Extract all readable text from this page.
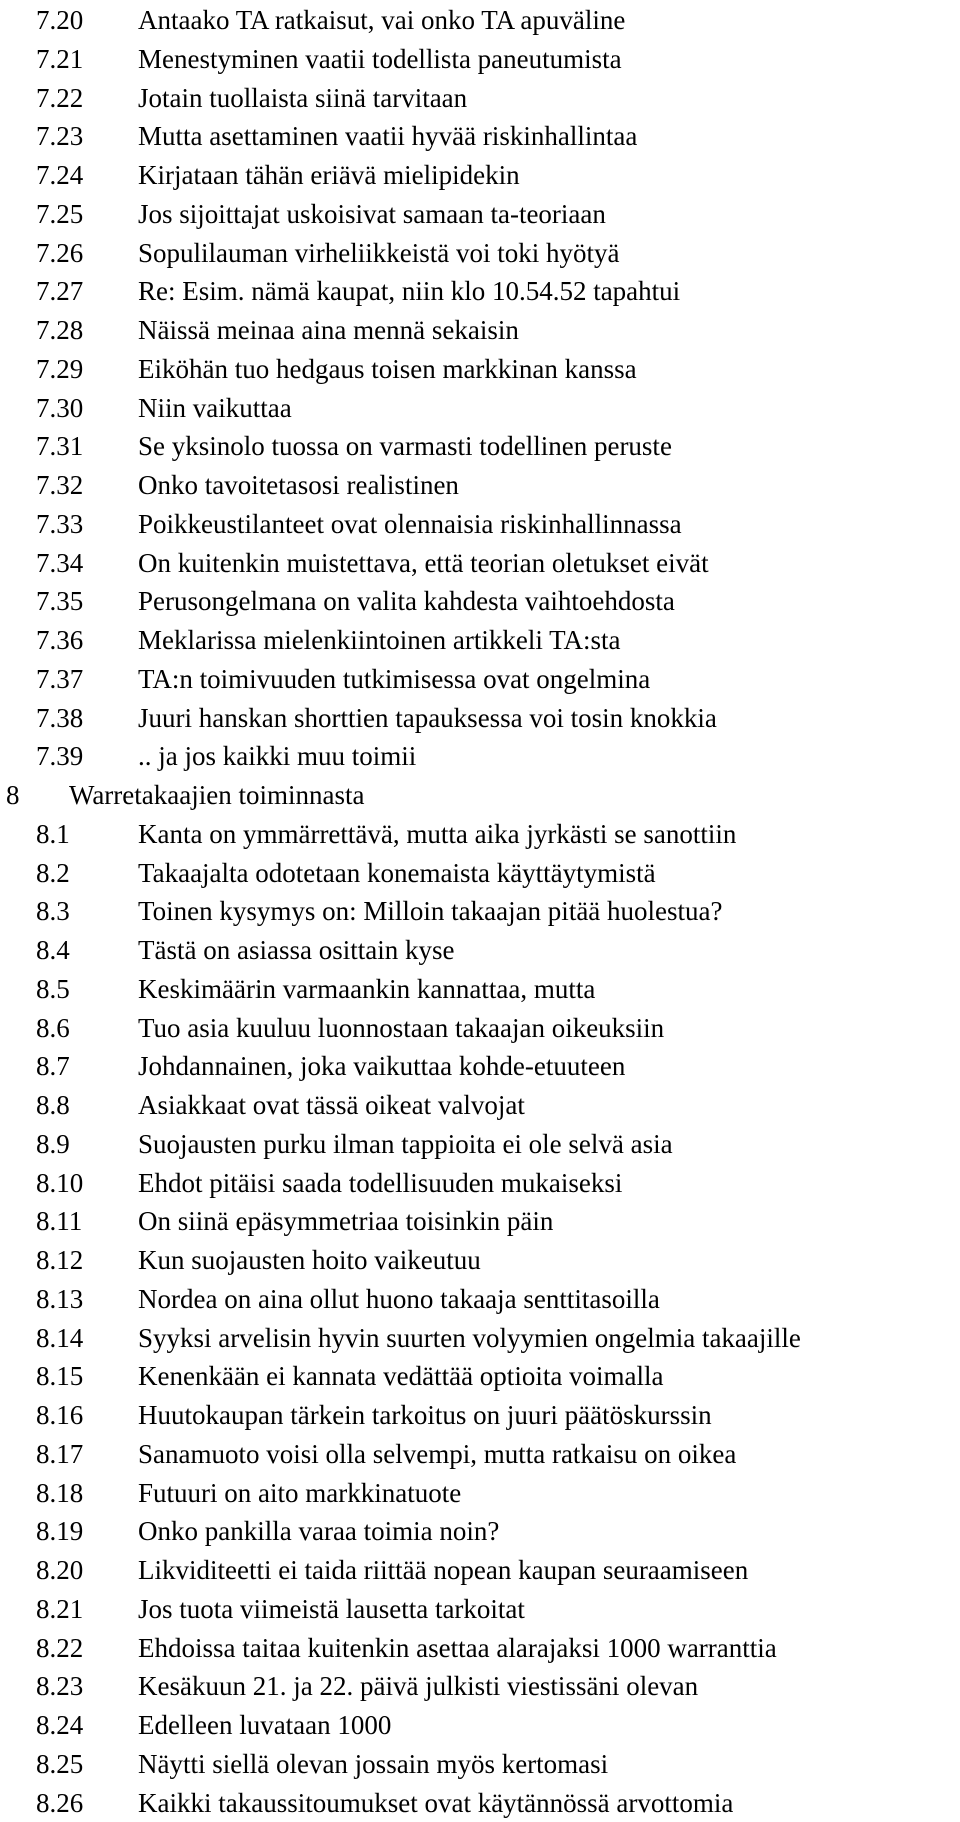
7.20 Antaako TA ratkaisut, vai onko TA apuväline
7.21 Menestyminen vaatii todellista paneutumista
7.22 Jotain tuollaista siinä tarvitaan
7.23 Mutta asettaminen vaatii hyvää riskinhallintaa
7.24 Kirjataan tähän eriävä mielipidekin
7.25 Jos sijoittajat uskoisivat samaan ta-teoriaan
7.26 Sopulilauman virheliikkeistä voi toki hyötyä
7.27 Re: Esim. nämä kaupat, niin klo 10.54.52 tapahtui
7.28 Näissä meinaa aina mennä sekaisin
7.29 Eiköhän tuo hedgaus toisen markkinan kanssa
7.30 Niin vaikuttaa
7.31 Se yksinolo tuossa on varmasti todellinen peruste
7.32 Onko tavoitetasosi realistinen
7.33 Poikkeustilanteet ovat olennaisia riskinhallinnassa
7.34 On kuitenkin muistettava, että teorian oletukset eivät
7.35 Perusongelmana on valita kahdesta vaihtoehdosta
7.36 Meklarissa mielenkiintoinen artikkeli TA:sta
7.37 TA:n toimivuuden tutkimisessa ovat ongelmina
7.38 Juuri hanskan shorttien tapauksessa voi tosin knokkia
7.39 .. ja jos kaikki muu toimii
8 Warretakaajien toiminnasta
8.1	Kanta on ymmärrettävä, mutta aika jyrkästi se sanottiin
8.2	Takaajalta odotetaan konemaista käyttäytymistä
8.3	Toinen kysymys on: Milloin takaajan pitää huolestua?
8.4	Tästä on asiassa osittain kyse
8.5	Keskimäärin varmaankin kannattaa, mutta
8.6	Tuo asia kuuluu luonnostaan takaajan oikeuksiin
8.7	Johdannainen, joka vaikuttaa kohde-etuuteen
8.8	Asiakkaat ovat tässä oikeat valvojat
8.9	Suojausten purku ilman tappioita ei ole selvä asia
8.10 Ehdot pitäisi saada todellisuuden mukaiseksi
8.11 On siinä epäsymmetriaa toisinkin päin
8.12 Kun suojausten hoito vaikeutuu
8.13 Nordea on aina ollut huono takaaja senttitasoilla
8.14 Syyksi arvelisin hyvin suurten volyymien ongelmia takaajille
8.15 Kenenkään ei kannata vedättää optioita voimalla
8.16 Huutokaupan tärkein tarkoitus on juuri päätöskurssin
8.17 Sanamuoto voisi olla selvempi, mutta ratkaisu on oikea
8.18 Futuuri on aito markkinatuote
8.19 Onko pankilla varaa toimia noin?
8.20 Likviditeetti ei taida riittää nopean kaupan seuraamiseen
8.21 Jos tuota viimeistä lausetta tarkoitat
8.22 Ehdoissa taitaa kuitenkin asettaa alarajaksi 1000 warranttia
8.23 Kesäkuun 21. ja 22. päivä julkisti viestissäni olevan
8.24 Edelleen luvataan 1000
8.25 Näytti siellä olevan jossain myös kertomasi
8.26 Kaikki takaussitoumukset ovat käytännössä arvottomia
